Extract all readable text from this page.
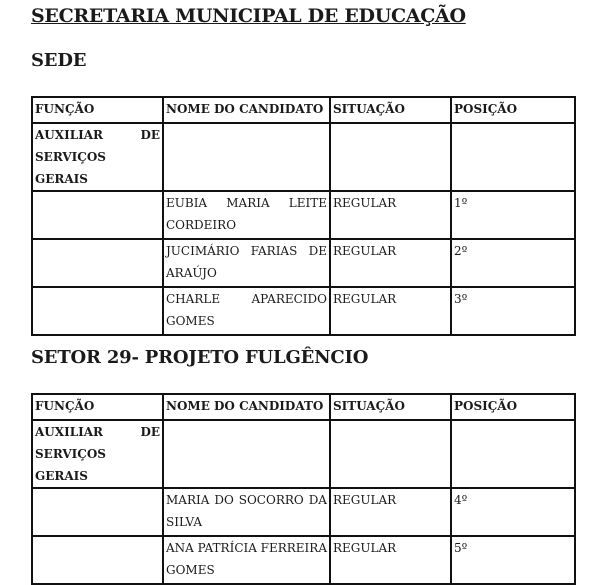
SECRETARIA MUNICIPAL DE EDUCAÇÃO
SEDE
FUNÇÃO	NOME DO CANDIDATO	SITUAÇÃO	POSIÇÃO

AUXILIAR DE
SERVIÇOS GERAIS			

	EUBIA MARIA LEITE
CORDEIRO	REGULAR	1º

	JUCIMÁRIO FARIAS DE
ARAÚJO	REGULAR	2º

	CHARLE APARECIDO
GOMES	REGULAR	3º
SETOR 29- PROJETO FULGÊNCIO
FUNÇÃO	NOME DO CANDIDATO	SITUAÇÃO	POSIÇÃO

AUXILIAR DE
SERVIÇOS GERAIS			

	MARIA DO SOCORRO DA
SILVA	REGULAR	4º

	ANA PATRÍCIA FERREIRA
GOMES	REGULAR	5º
